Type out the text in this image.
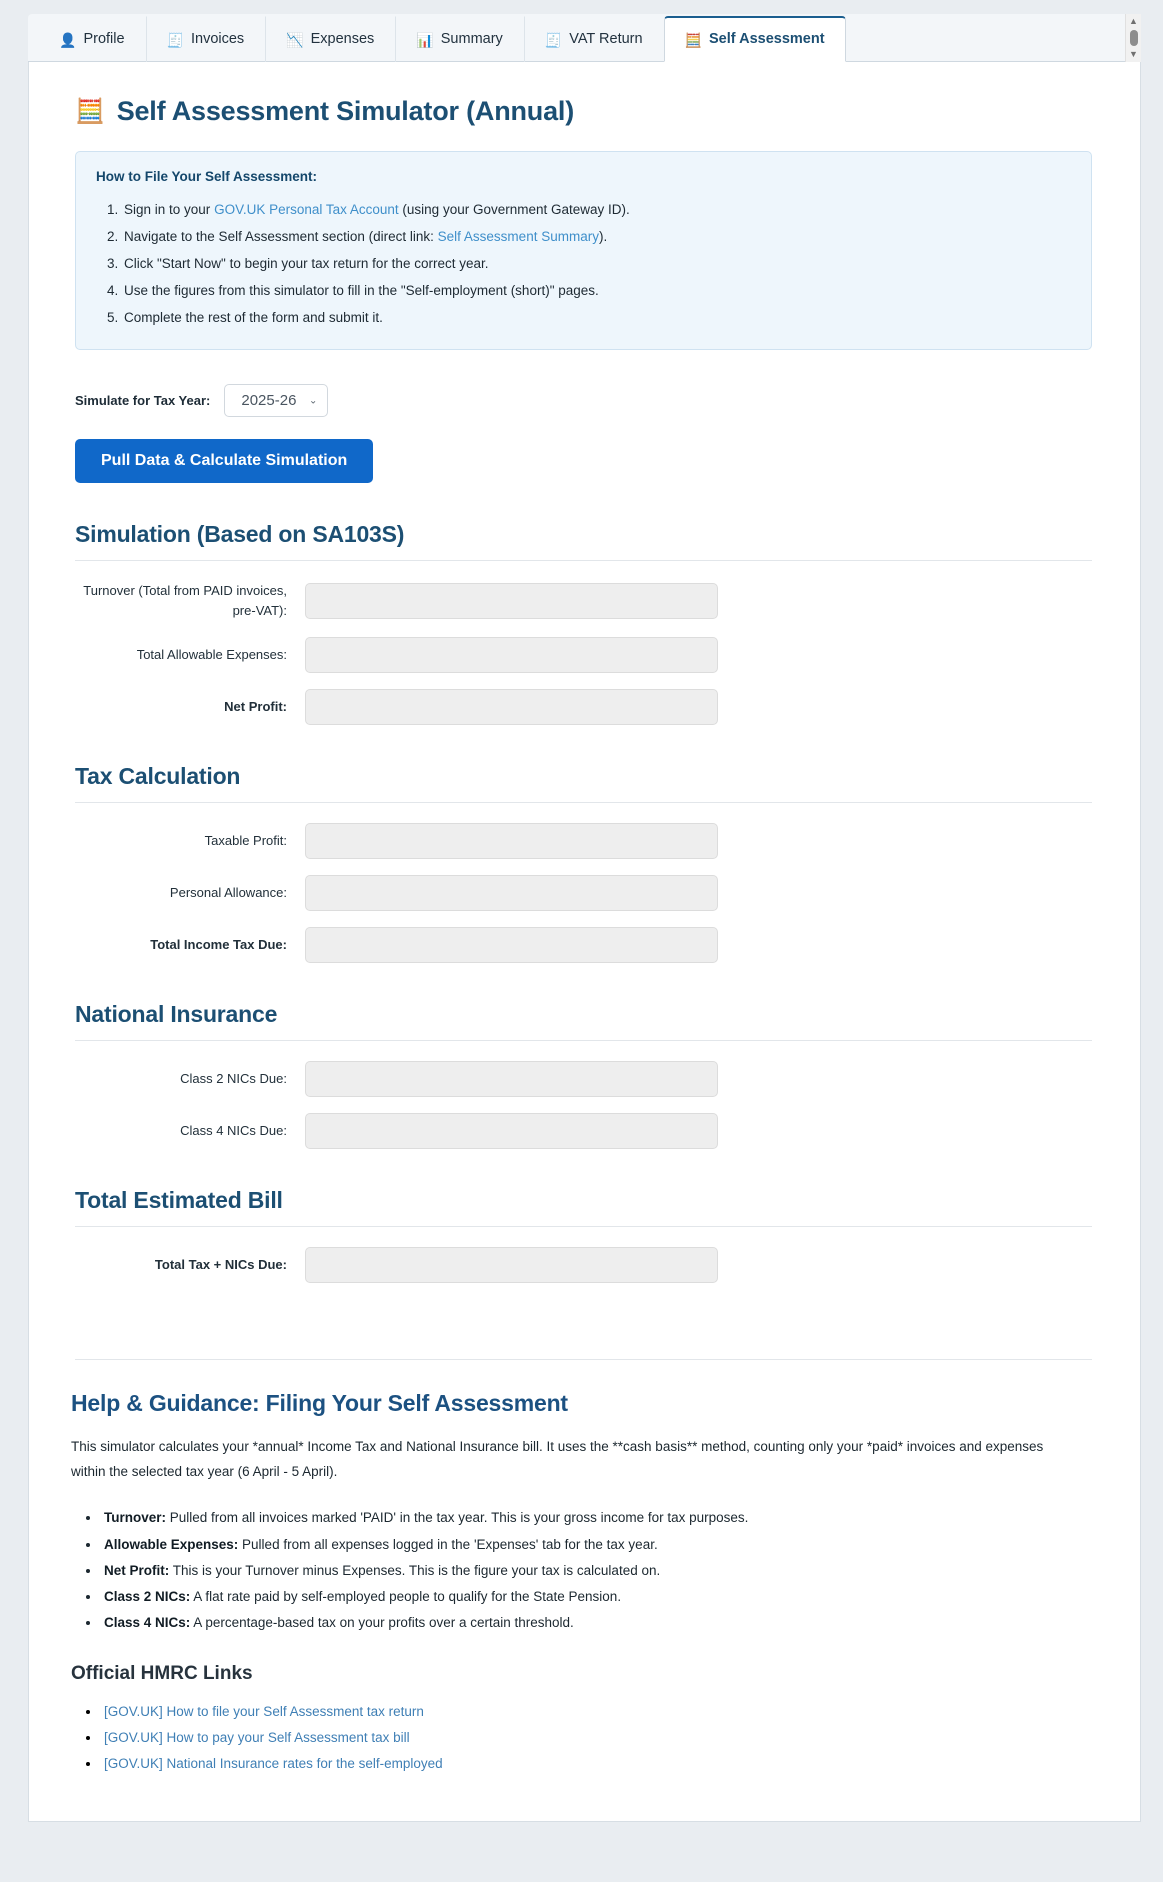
👤 Profile	🧾 Invoices	📉 Expenses	📊 Summary	🧾 VAT Return	🧮 Self Assessment
▲
▼
🧮 Self Assessment Simulator (Annual)
How to File Your Self Assessment:
1. Sign in to your GOV.UK Personal Tax Account (using your Government Gateway ID).
2. Navigate to the Self Assessment section (direct link: Self Assessment Summary).
3. Click "Start Now" to begin your tax return for the correct year.
4. Use the figures from this simulator to fill in the "Self-employment (short)" pages.
5. Complete the rest of the form and submit it.
Simulate for Tax Year:
2025-26	⌄
Pull Data & Calculate Simulation
Simulation (Based on SA103S)
Turnover (Total from PAID invoices, pre-VAT):
Total Allowable Expenses:
Net Profit:
Tax Calculation
Taxable Profit:
Personal Allowance:
Total Income Tax Due:
National Insurance
Class 2 NICs Due:
Class 4 NICs Due:
Total Estimated Bill
Total Tax + NICs Due:
Help & Guidance: Filing Your Self Assessment

This simulator calculates your *annual* Income Tax and National Insurance bill. It uses the **cash basis** method, counting only your *paid* invoices and expenses within the selected tax year (6 April - 5 April).

• Turnover: Pulled from all invoices marked 'PAID' in the tax year. This is your gross income for tax purposes.
• Allowable Expenses: Pulled from all expenses logged in the 'Expenses' tab for the tax year.
• Net Profit: This is your Turnover minus Expenses. This is the figure your tax is calculated on.
• Class 2 NICs: A flat rate paid by self-employed people to qualify for the State Pension.
• Class 4 NICs: A percentage-based tax on your profits over a certain threshold.
Official HMRC Links
• [GOV.UK] How to file your Self Assessment tax return
• [GOV.UK] How to pay your Self Assessment tax bill
• [GOV.UK] National Insurance rates for the self-employed
